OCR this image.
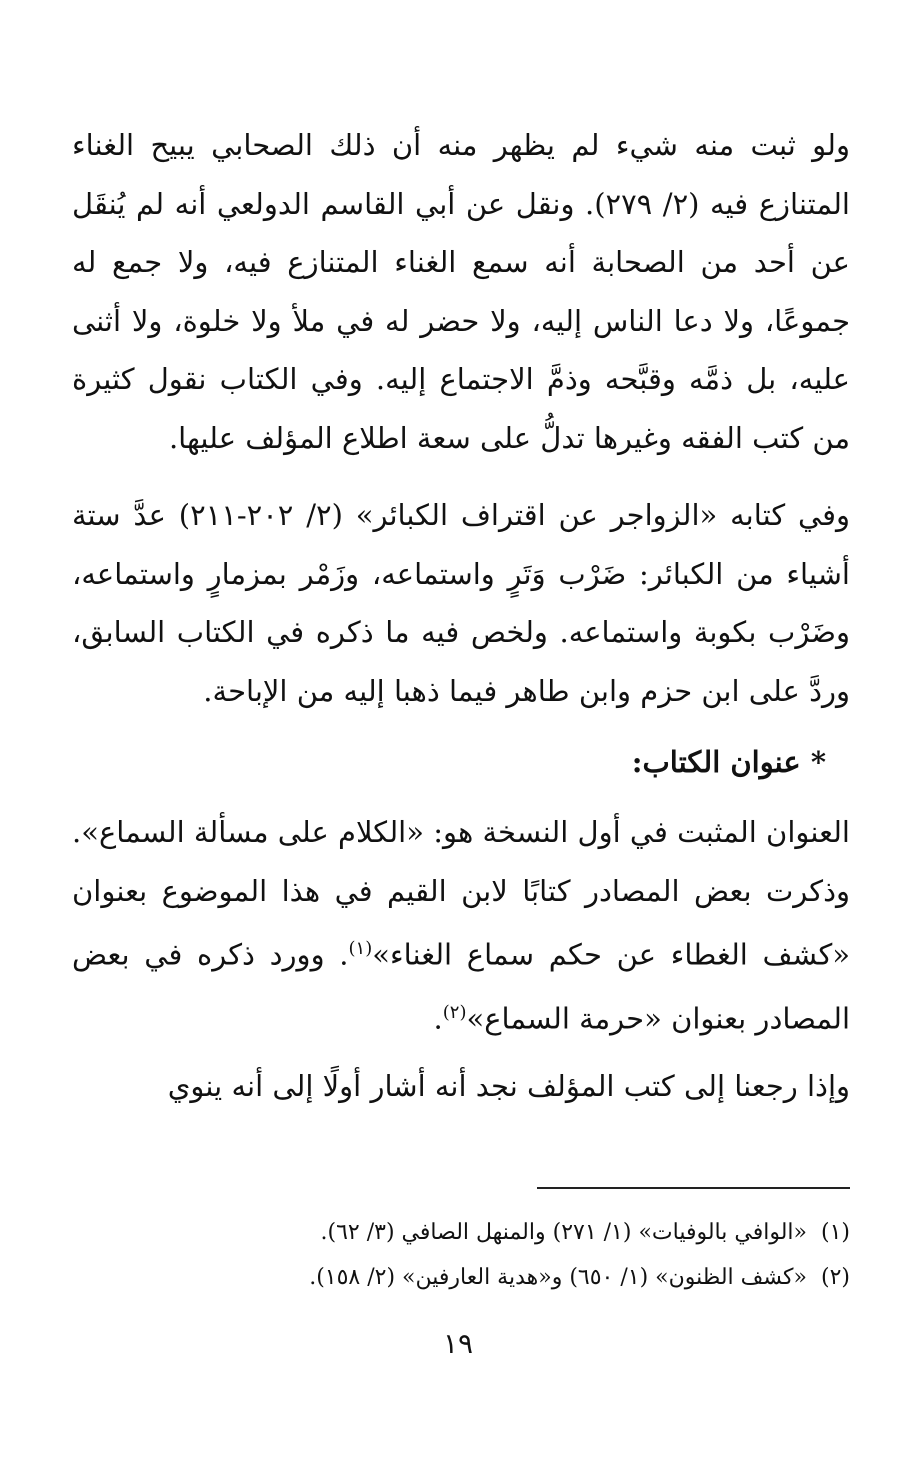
ولو ثبت منه شيء لم يظهر منه أن ذلك الصحابي يبيح الغناء المتنازع فيه (٢/ ٢٧٩). ونقل عن أبي القاسم الدولعي أنه لم يُنقَل عن أحد من الصحابة أنه سمع الغناء المتنازع فيه، ولا جمع له جموعًا، ولا دعا الناس إليه، ولا حضر له في ملأ ولا خلوة، ولا أثنى عليه، بل ذمَّه وقبَّحه وذمَّ الاجتماع إليه. وفي الكتاب نقول كثيرة من كتب الفقه وغيرها تدلُّ على سعة اطلاع المؤلف عليها.

وفي كتابه «الزواجر عن اقتراف الكبائر» (٢/ ٢٠٢-٢١١) عدَّ ستة أشياء من الكبائر: ضَرْب وَتَرٍ واستماعه، وزَمْر بمزمارٍ واستماعه، وضَرْب بكوبة واستماعه. ولخص فيه ما ذكره في الكتاب السابق، وردَّ على ابن حزم وابن طاهر فيما ذهبا إليه من الإباحة.

* عنوان الكتاب:

العنوان المثبت في أول النسخة هو: «الكلام على مسألة السماع». وذكرت بعض المصادر كتابًا لابن القيم في هذا الموضوع بعنوان «كشف الغطاء عن حكم سماع الغناء»$^{(١)}$. وورد ذكره في بعض المصادر بعنوان «حرمة السماع»$^{(٢)}$.

وإذا رجعنا إلى كتب المؤلف نجد أنه أشار أولًا إلى أنه ينوي

(١)  «الوافي بالوفيات» (١/ ٢٧١) والمنهل الصافي (٣/ ٦٢).

(٢)  «كشف الظنون» (١/ ٦٥٠) و«هدية العارفين» (٢/ ١٥٨).

١٩
